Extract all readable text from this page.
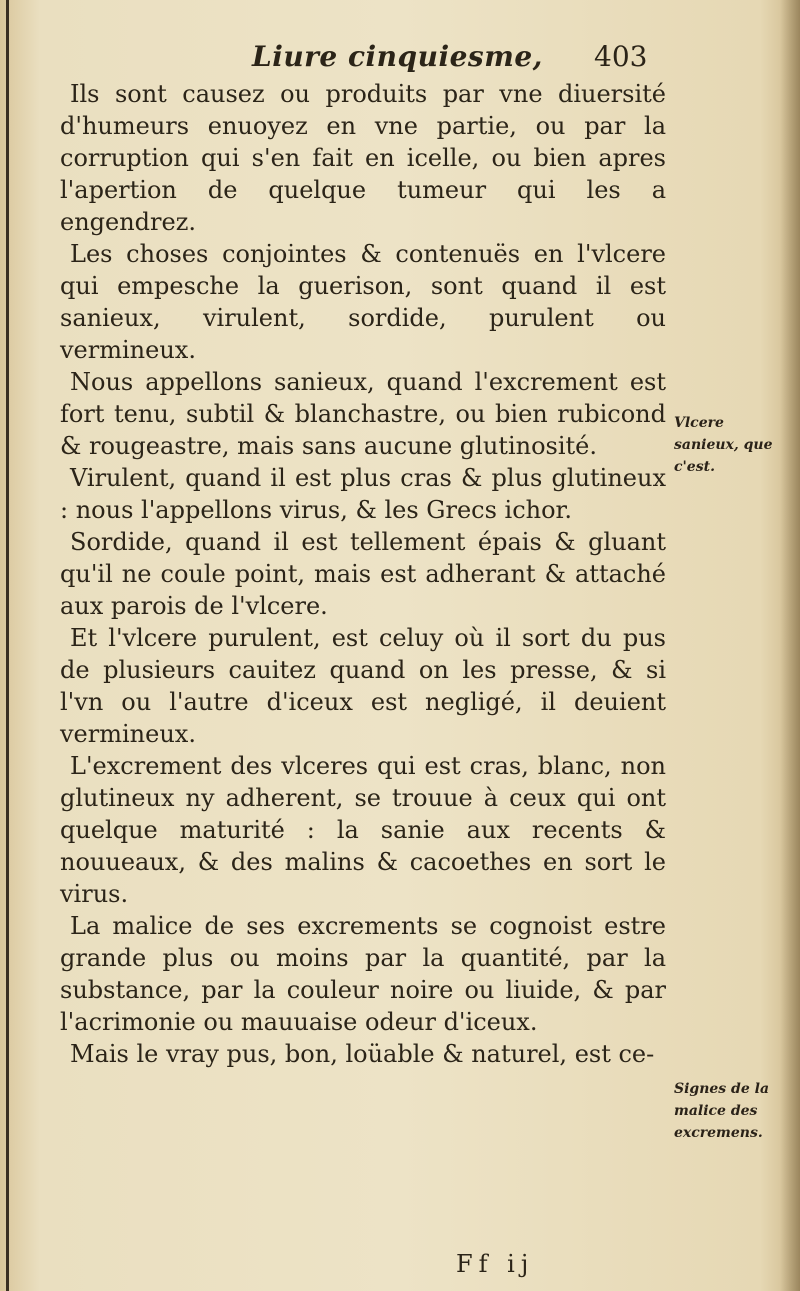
Liure cinquiesme, 403

Ils sont causez ou produits par vne diuersité d'humeurs enuoyez en vne partie, ou par la corruption qui s'en fait en icelle, ou bien apres l'apertion de quelque tumeur qui les a engendrez.

Les choses conjointes & contenuës en l'vlcere qui empesche la guerison, sont quand il est sanieux, virulent, sordide, purulent ou vermineux.

Nous appellons sanieux, quand l'excrement est fort tenu, subtil & blanchastre, ou bien rubicond & rougeastre, mais sans aucune glutinosité.

Virulent, quand il est plus cras & plus glutineux : nous l'appellons virus, & les Grecs ichor.

Sordide, quand il est tellement épais & gluant qu'il ne coule point, mais est adherant & attaché aux parois de l'vlcere.

Et l'vlcere purulent, est celuy où il sort du pus de plusieurs cauitez quand on les presse, & si l'vn ou l'autre d'iceux est negligé, il deuient vermineux.

L'excrement des vlceres qui est cras, blanc, non glutineux ny adherent, se trouue à ceux qui ont quelque maturité : la sanie aux recents & nouueaux, & des malins & cacoethes en sort le virus.

La malice de ses excrements se cognoist estre grande plus ou moins par la quantité, par la substance, par la couleur noire ou liuide, & par l'acrimonie ou mauuaise odeur d'iceux.

Mais le vray pus, bon, loüable & naturel, est ce-

Vlcere sanieux, que c'est.
Signes de la malice des excremens.
Ff ij
